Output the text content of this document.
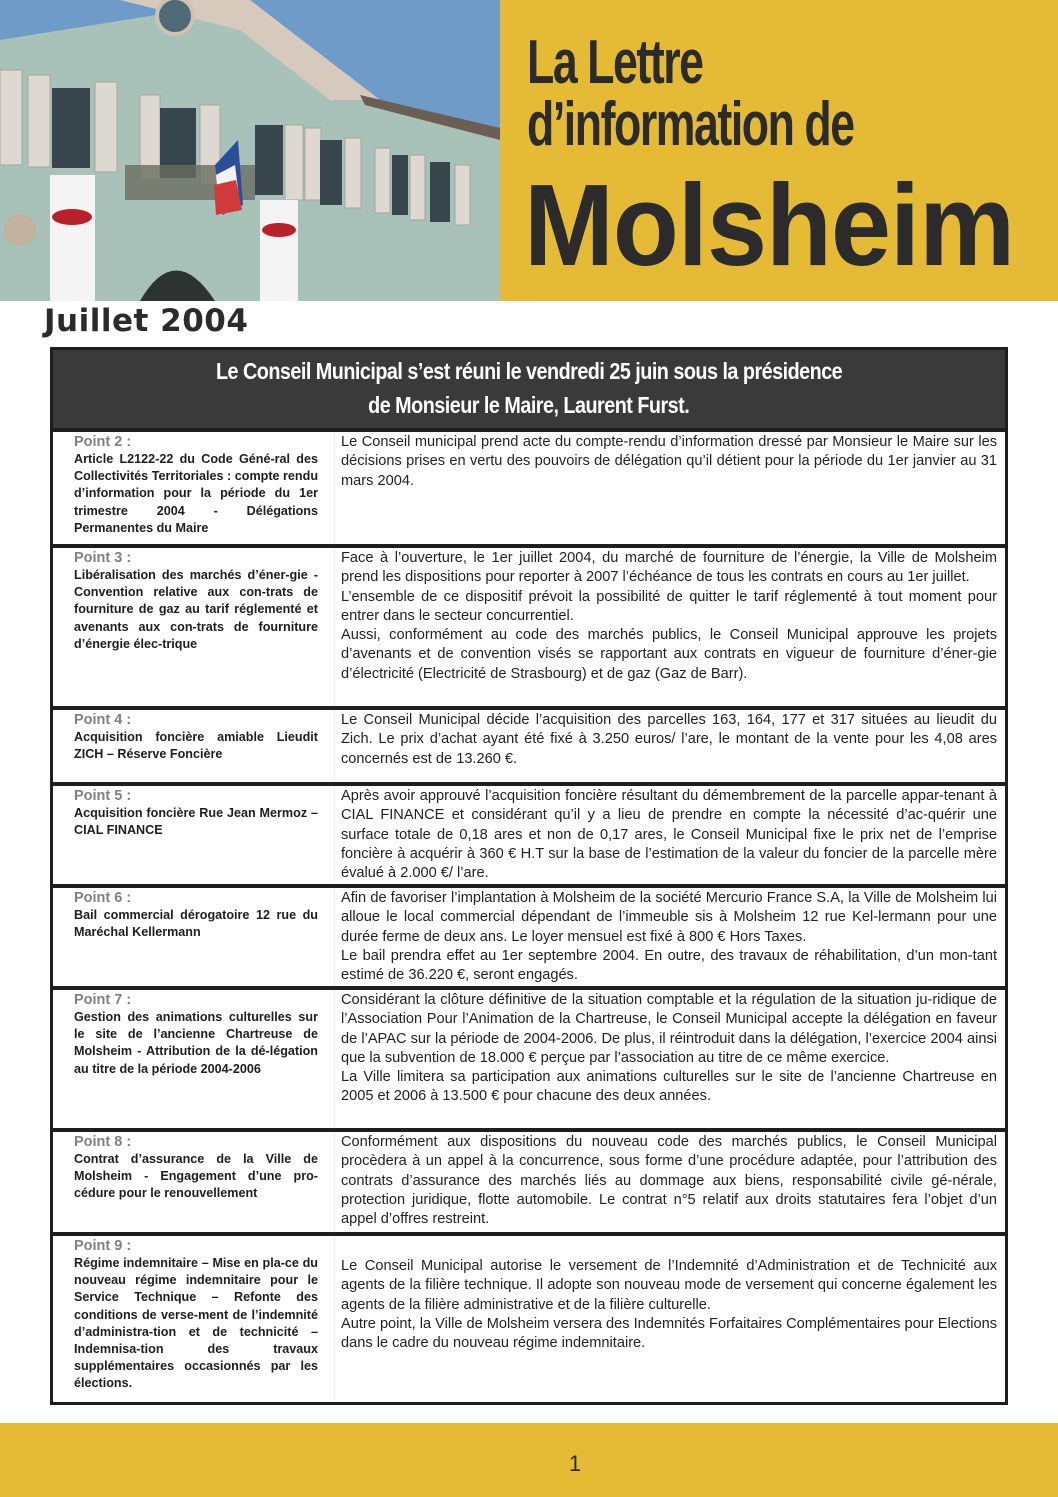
La Lettre
d’information de
Molsheim
Juillet 2004
Le Conseil Municipal s’est réuni le vendredi 25 juin sous la présidence
de Monsieur le Maire, Laurent Furst.
Point 2 :
Article L2122-22 du Code Géné-ral des Collectivités Territoriales : compte rendu d’information pour la période du 1er trimestre 2004 - Délégations Permanentes du Maire

Le Conseil municipal prend acte du compte-rendu d’information dressé par Monsieur le Maire sur les décisions prises en vertu des pouvoirs de délégation qu’il détient pour la période du 1er janvier au 31 mars 2004.

Point 3 :
Libéralisation des marchés d’éner-gie - Convention relative aux con-trats de fourniture de gaz au tarif réglementé et avenants aux con-trats de fourniture d’énergie élec-trique

Face à l’ouverture, le 1er juillet 2004, du marché de fourniture de l’énergie, la Ville de Molsheim prend les dispositions pour reporter à 2007 l’échéance de tous les contrats en cours au 1er juillet.

L’ensemble de ce dispositif prévoit la possibilité de quitter le tarif réglementé à tout moment pour entrer dans le secteur concurrentiel.

Aussi, conformément au code des marchés publics, le Conseil Municipal approuve les projets d’avenants et de convention visés se rapportant aux contrats en vigueur de fourniture d’éner-gie d’électricité (Electricité de Strasbourg) et de gaz (Gaz de Barr).

Point 4 :
Acquisition foncière amiable Lieudit ZICH – Réserve Foncière

Le Conseil Municipal décide l’acquisition des parcelles 163, 164, 177 et 317 situées au lieudit du Zich. Le prix d’achat ayant été fixé à 3.250 euros/ l’are, le montant de la vente pour les 4,08 ares concernés est de 13.260 €.

Point 5 :
Acquisition foncière Rue Jean Mermoz – CIAL FINANCE

Après avoir approuvé l’acquisition foncière résultant du démembrement de la parcelle appar-tenant à CIAL FINANCE et considérant qu’il y a lieu de prendre en compte la nécessité d’ac-quérir une surface totale de 0,18 ares et non de 0,17 ares, le Conseil Municipal fixe le prix net de l’emprise foncière à acquérir à 360 € H.T sur la base de l’estimation de la valeur du foncier de la parcelle mère évalué à 2.000 €/ l’are.

Point 6 :
Bail commercial dérogatoire 12 rue du Maréchal Kellermann

Afin de favoriser l’implantation à Molsheim de la société Mercurio France S.A, la Ville de Molsheim lui alloue le local commercial dépendant de l’immeuble sis à Molsheim 12 rue Kel-lermann pour une durée ferme de deux ans. Le loyer mensuel est fixé à 800 € Hors Taxes.

Le bail prendra effet au 1er septembre 2004. En outre, des travaux de réhabilitation, d’un mon-tant estimé de 36.220 €, seront engagés.

Point 7 :
Gestion des animations culturelles sur le site de l’ancienne Chartreuse de Molsheim - Attribution de la dé-légation au titre de la période 2004-2006

Considérant la clôture définitive de la situation comptable et la régulation de la situation ju-ridique de l’Association Pour l’Animation de la Chartreuse, le Conseil Municipal accepte la délégation en faveur de l’APAC sur la période de 2004-2006. De plus, il réintroduit dans la délégation, l’exercice 2004 ainsi que la subvention de 18.000 € perçue par l’association au titre de ce même exercice.

La Ville limitera sa participation aux animations culturelles sur le site de l’ancienne Chartreuse en 2005 et 2006 à 13.500 € pour chacune des deux années.

Point 8 :
Contrat d’assurance de la Ville de Molsheim - Engagement d’une pro-cédure pour le renouvellement

Conformément aux dispositions du nouveau code des marchés publics, le Conseil Municipal procèdera à un appel à la concurrence, sous forme d’une procédure adaptée, pour l’attribution des contrats d’assurance des marchés liés au dommage aux biens, responsabilité civile gé-nérale, protection juridique, flotte automobile. Le contrat n°5 relatif aux droits statutaires fera l’objet d’un appel d’offres restreint.

Point 9 :
Régime indemnitaire – Mise en pla-ce du nouveau régime indemnitaire pour le Service Technique – Refonte des conditions de verse-ment de l’indemnité d’administra-tion et de technicité – Indemnisa-tion des travaux supplémentaires occasionnés par les élections.

Le Conseil Municipal autorise le versement de l’Indemnité d’Administration et de Technicité aux agents de la filière technique. Il adopte son nouveau mode de versement qui concerne également les agents de la filière administrative et de la filière culturelle.

Autre point, la Ville de Molsheim versera des Indemnités Forfaitaires Complémentaires pour Elections dans le cadre du nouveau régime indemnitaire.

1
